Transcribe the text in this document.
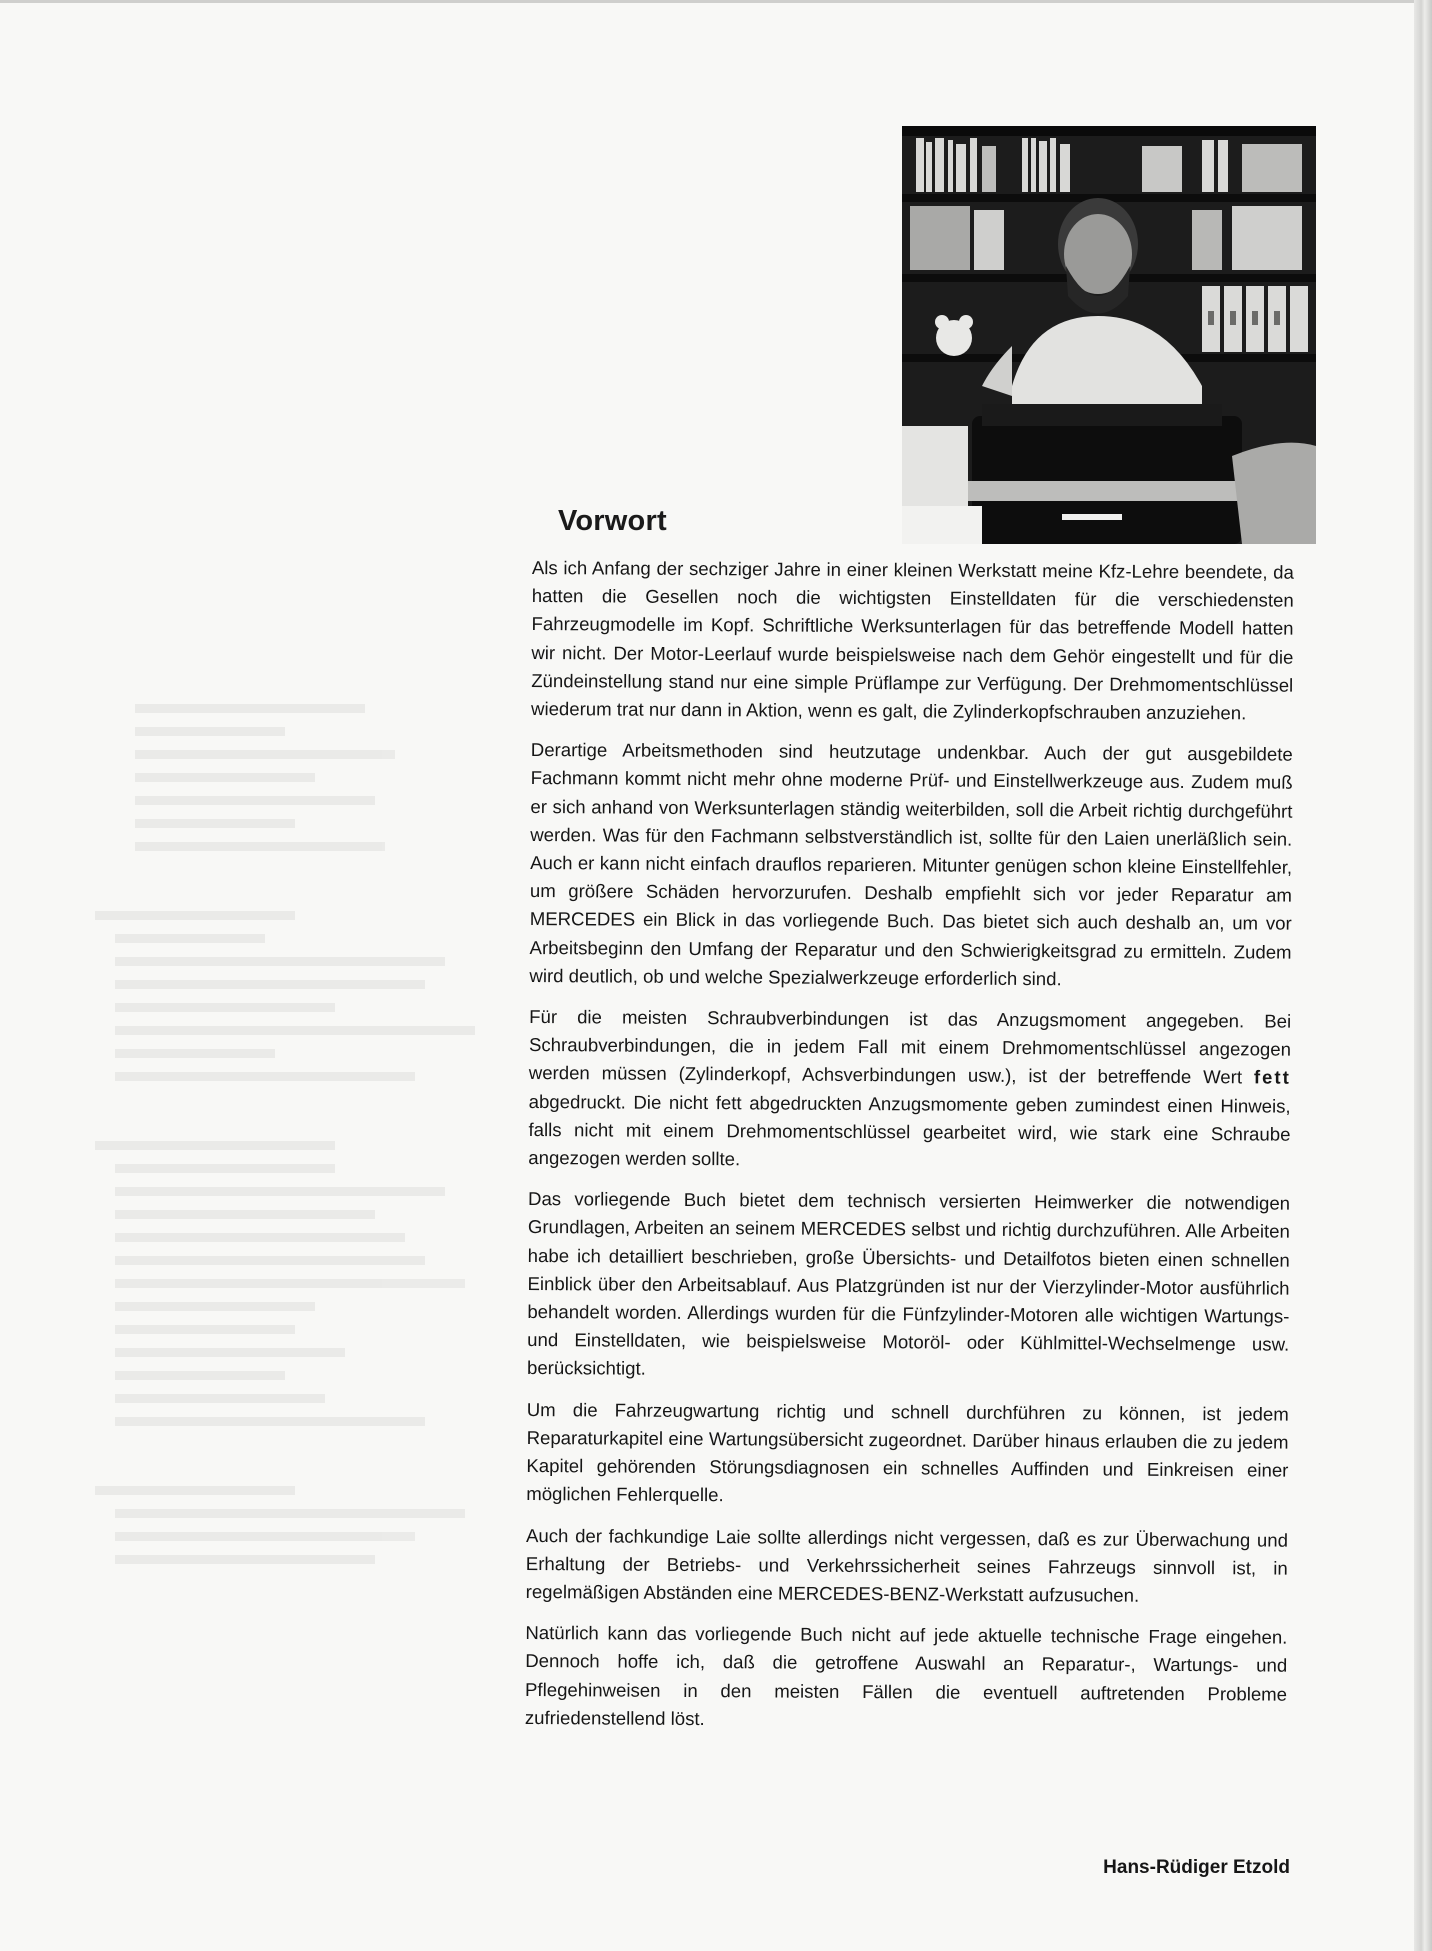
Vorwort

Als ich Anfang der sechziger Jahre in einer kleinen Werkstatt meine Kfz-Lehre beendete, da hatten die Gesellen noch die wichtigsten Einstelldaten für die verschiedensten Fahrzeugmodelle im Kopf. Schriftliche Werksunterlagen für das betreffende Modell hatten wir nicht. Der Motor-Leerlauf wurde beispielsweise nach dem Gehör eingestellt und für die Zündeinstellung stand nur eine simple Prüflampe zur Verfügung. Der Drehmomentschlüssel wiederum trat nur dann in Aktion, wenn es galt, die Zylinderkopfschrauben anzuziehen.

Derartige Arbeitsmethoden sind heutzutage undenkbar. Auch der gut ausgebildete Fachmann kommt nicht mehr ohne moderne Prüf- und Einstellwerkzeuge aus. Zudem muß er sich anhand von Werksunterlagen ständig weiterbilden, soll die Arbeit richtig durchgeführt werden. Was für den Fachmann selbstverständlich ist, sollte für den Laien unerläßlich sein. Auch er kann nicht einfach drauflos reparieren. Mitunter genügen schon kleine Einstellfehler, um größere Schäden hervorzurufen. Deshalb empfiehlt sich vor jeder Reparatur am MERCEDES ein Blick in das vorliegende Buch. Das bietet sich auch deshalb an, um vor Arbeitsbeginn den Umfang der Reparatur und den Schwierigkeitsgrad zu ermitteln. Zudem wird deutlich, ob und welche Spezialwerkzeuge erforderlich sind.

Für die meisten Schraubverbindungen ist das Anzugsmoment angegeben. Bei Schraubverbindungen, die in jedem Fall mit einem Drehmomentschlüssel angezogen werden müssen (Zylinderkopf, Achsverbindungen usw.), ist der betreffende Wert fett abgedruckt. Die nicht fett abgedruckten Anzugsmomente geben zumindest einen Hinweis, falls nicht mit einem Drehmomentschlüssel gearbeitet wird, wie stark eine Schraube angezogen werden sollte.

Das vorliegende Buch bietet dem technisch versierten Heimwerker die notwendigen Grundlagen, Arbeiten an seinem MERCEDES selbst und richtig durchzuführen. Alle Arbeiten habe ich detailliert beschrieben, große Übersichts- und Detailfotos bieten einen schnellen Einblick über den Arbeitsablauf. Aus Platzgründen ist nur der Vierzylinder-Motor ausführlich behandelt worden. Allerdings wurden für die Fünfzylinder-Motoren alle wichtigen Wartungs- und Einstelldaten, wie beispielsweise Motoröl- oder Kühlmittel-Wechselmenge usw. berücksichtigt.

Um die Fahrzeugwartung richtig und schnell durchführen zu können, ist jedem Reparaturkapitel eine Wartungsübersicht zugeordnet. Darüber hinaus erlauben die zu jedem Kapitel gehörenden Störungsdiagnosen ein schnelles Auffinden und Einkreisen einer möglichen Fehlerquelle.

Auch der fachkundige Laie sollte allerdings nicht vergessen, daß es zur Überwachung und Erhaltung der Betriebs- und Verkehrssicherheit seines Fahrzeugs sinnvoll ist, in regelmäßigen Abständen eine MERCEDES-BENZ-Werkstatt aufzusuchen.

Natürlich kann das vorliegende Buch nicht auf jede aktuelle technische Frage eingehen. Dennoch hoffe ich, daß die getroffene Auswahl an Reparatur-, Wartungs- und Pflegehinweisen in den meisten Fällen die eventuell auftretenden Probleme zufriedenstellend löst.

Hans-Rüdiger Etzold
